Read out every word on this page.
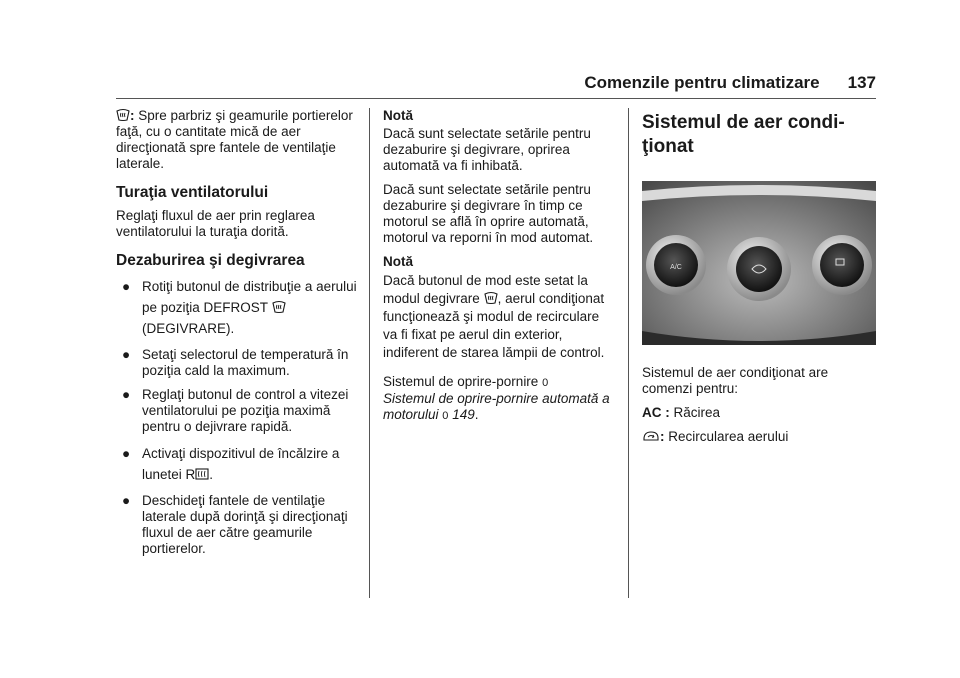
Comenzile pentru climatizare 137

: Spre parbriz şi geamurile portierelor faţă, cu o cantitate mică de aer direcţionată spre fantele de ventilaţie laterale.

Turaţia ventilatorului

Reglaţi fluxul de aer prin reglarea ventilatorului la turaţia dorită.

Dezaburirea şi degivrarea
● Rotiţi butonul de distribuţie a aerului pe poziţia DEFROST  (DEGIVRARE).
● Setaţi selectorul de temperatură în poziţia cald la maximum.
● Reglaţi butonul de control a vitezei ventilatorului pe poziţia maximă pentru o dejivrare rapidă.
● Activaţi dispozitivul de încălzire a lunetei R .
● Deschideţi fantele de ventilaţie laterale după dorinţă şi direcţionaţi fluxul de aer către geamurile portierelor.

Notă

Dacă sunt selectate setările pentru dezaburire şi degivrare, oprirea automată va fi inhibată.

Dacă sunt selectate setările pentru dezaburire şi degivrare în timp ce motorul se află în oprire automată, motorul va reporni în mod automat.

Notă

Dacă butonul de mod este setat la modul degivrare , aerul condiţionat funcţionează şi modul de recirculare va fi fixat pe aerul din exterior, indiferent de starea lămpii de control.

Sistemul de oprire-pornire 0
Sistemul de oprire-pornire automată a motorului 0 149.

Sistemul de aer condiţionat
A/C

Sistemul de aer condiţionat are comenzi pentru:

AC : Răcirea

: Recircularea aerului
